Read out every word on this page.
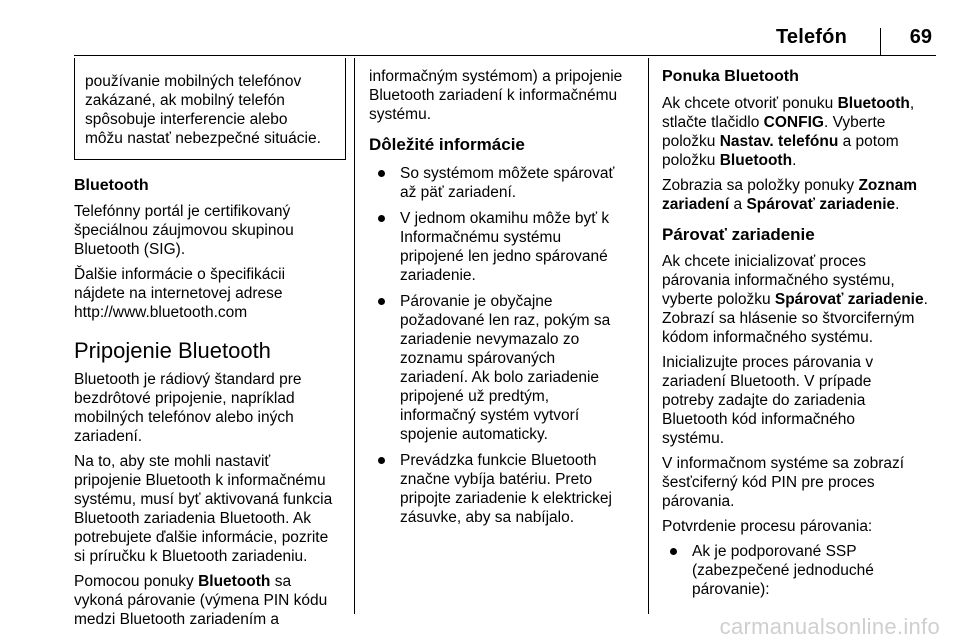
Telefón	69

používanie mobilných telefónov
zakázané, ak mobilný telefón
spôsobuje interferencie alebo
môžu nastať nebezpečné situácie.

Bluetooth

Telefónny portál je certifikovaný
špeciálnou záujmovou skupinou
Bluetooth (SIG).

Ďalšie informácie o špecifikácii
nájdete na internetovej adrese
http://www.bluetooth.com

Pripojenie Bluetooth

Bluetooth je rádiový štandard pre
bezdrôtové pripojenie, napríklad
mobilných telefónov alebo iných
zariadení.

Na to, aby ste mohli nastaviť
pripojenie Bluetooth k informačnému
systému, musí byť aktivovaná funkcia
Bluetooth zariadenia Bluetooth. Ak
potrebujete ďalšie informácie, pozrite
si príručku k Bluetooth zariadeniu.

Pomocou ponuky Bluetooth sa
vykoná párovanie (výmena PIN kódu
medzi Bluetooth zariadením a

informačným systémom) a pripojenie
Bluetooth zariadení k informačnému
systému.

Dôležité informácie
So systémom môžete spárovať
až päť zariadení.
V jednom okamihu môže byť k
Informačnému systému
pripojené len jedno spárované
zariadenie.
Párovanie je obyčajne
požadované len raz, pokým sa
zariadenie nevymazalo zo
zoznamu spárovaných
zariadení. Ak bolo zariadenie
pripojené už predtým,
informačný systém vytvorí
spojenie automaticky.
Prevádzka funkcie Bluetooth
značne vybíja batériu. Preto
pripojte zariadenie k elektrickej
zásuvke, aby sa nabíjalo.
Ponuka Bluetooth

Ak chcete otvoriť ponuku Bluetooth,
stlačte tlačidlo CONFIG. Vyberte
položku Nastav. telefónu a potom
položku Bluetooth.

Zobrazia sa položky ponuky Zoznam
zariadení a Spárovať zariadenie.

Párovať zariadenie

Ak chcete inicializovať proces
párovania informačného systému,
vyberte položku Spárovať zariadenie.
Zobrazí sa hlásenie so štvorciferným
kódom informačného systému.

Inicializujte proces párovania v
zariadení Bluetooth. V prípade
potreby zadajte do zariadenia
Bluetooth kód informačného
systému.

V informačnom systéme sa zobrazí
šesťciferný kód PIN pre proces
párovania.

Potvrdenie procesu párovania:

Ak je podporované SSP
(zabezpečené jednoduché
párovanie):
carmanualsonline.info
